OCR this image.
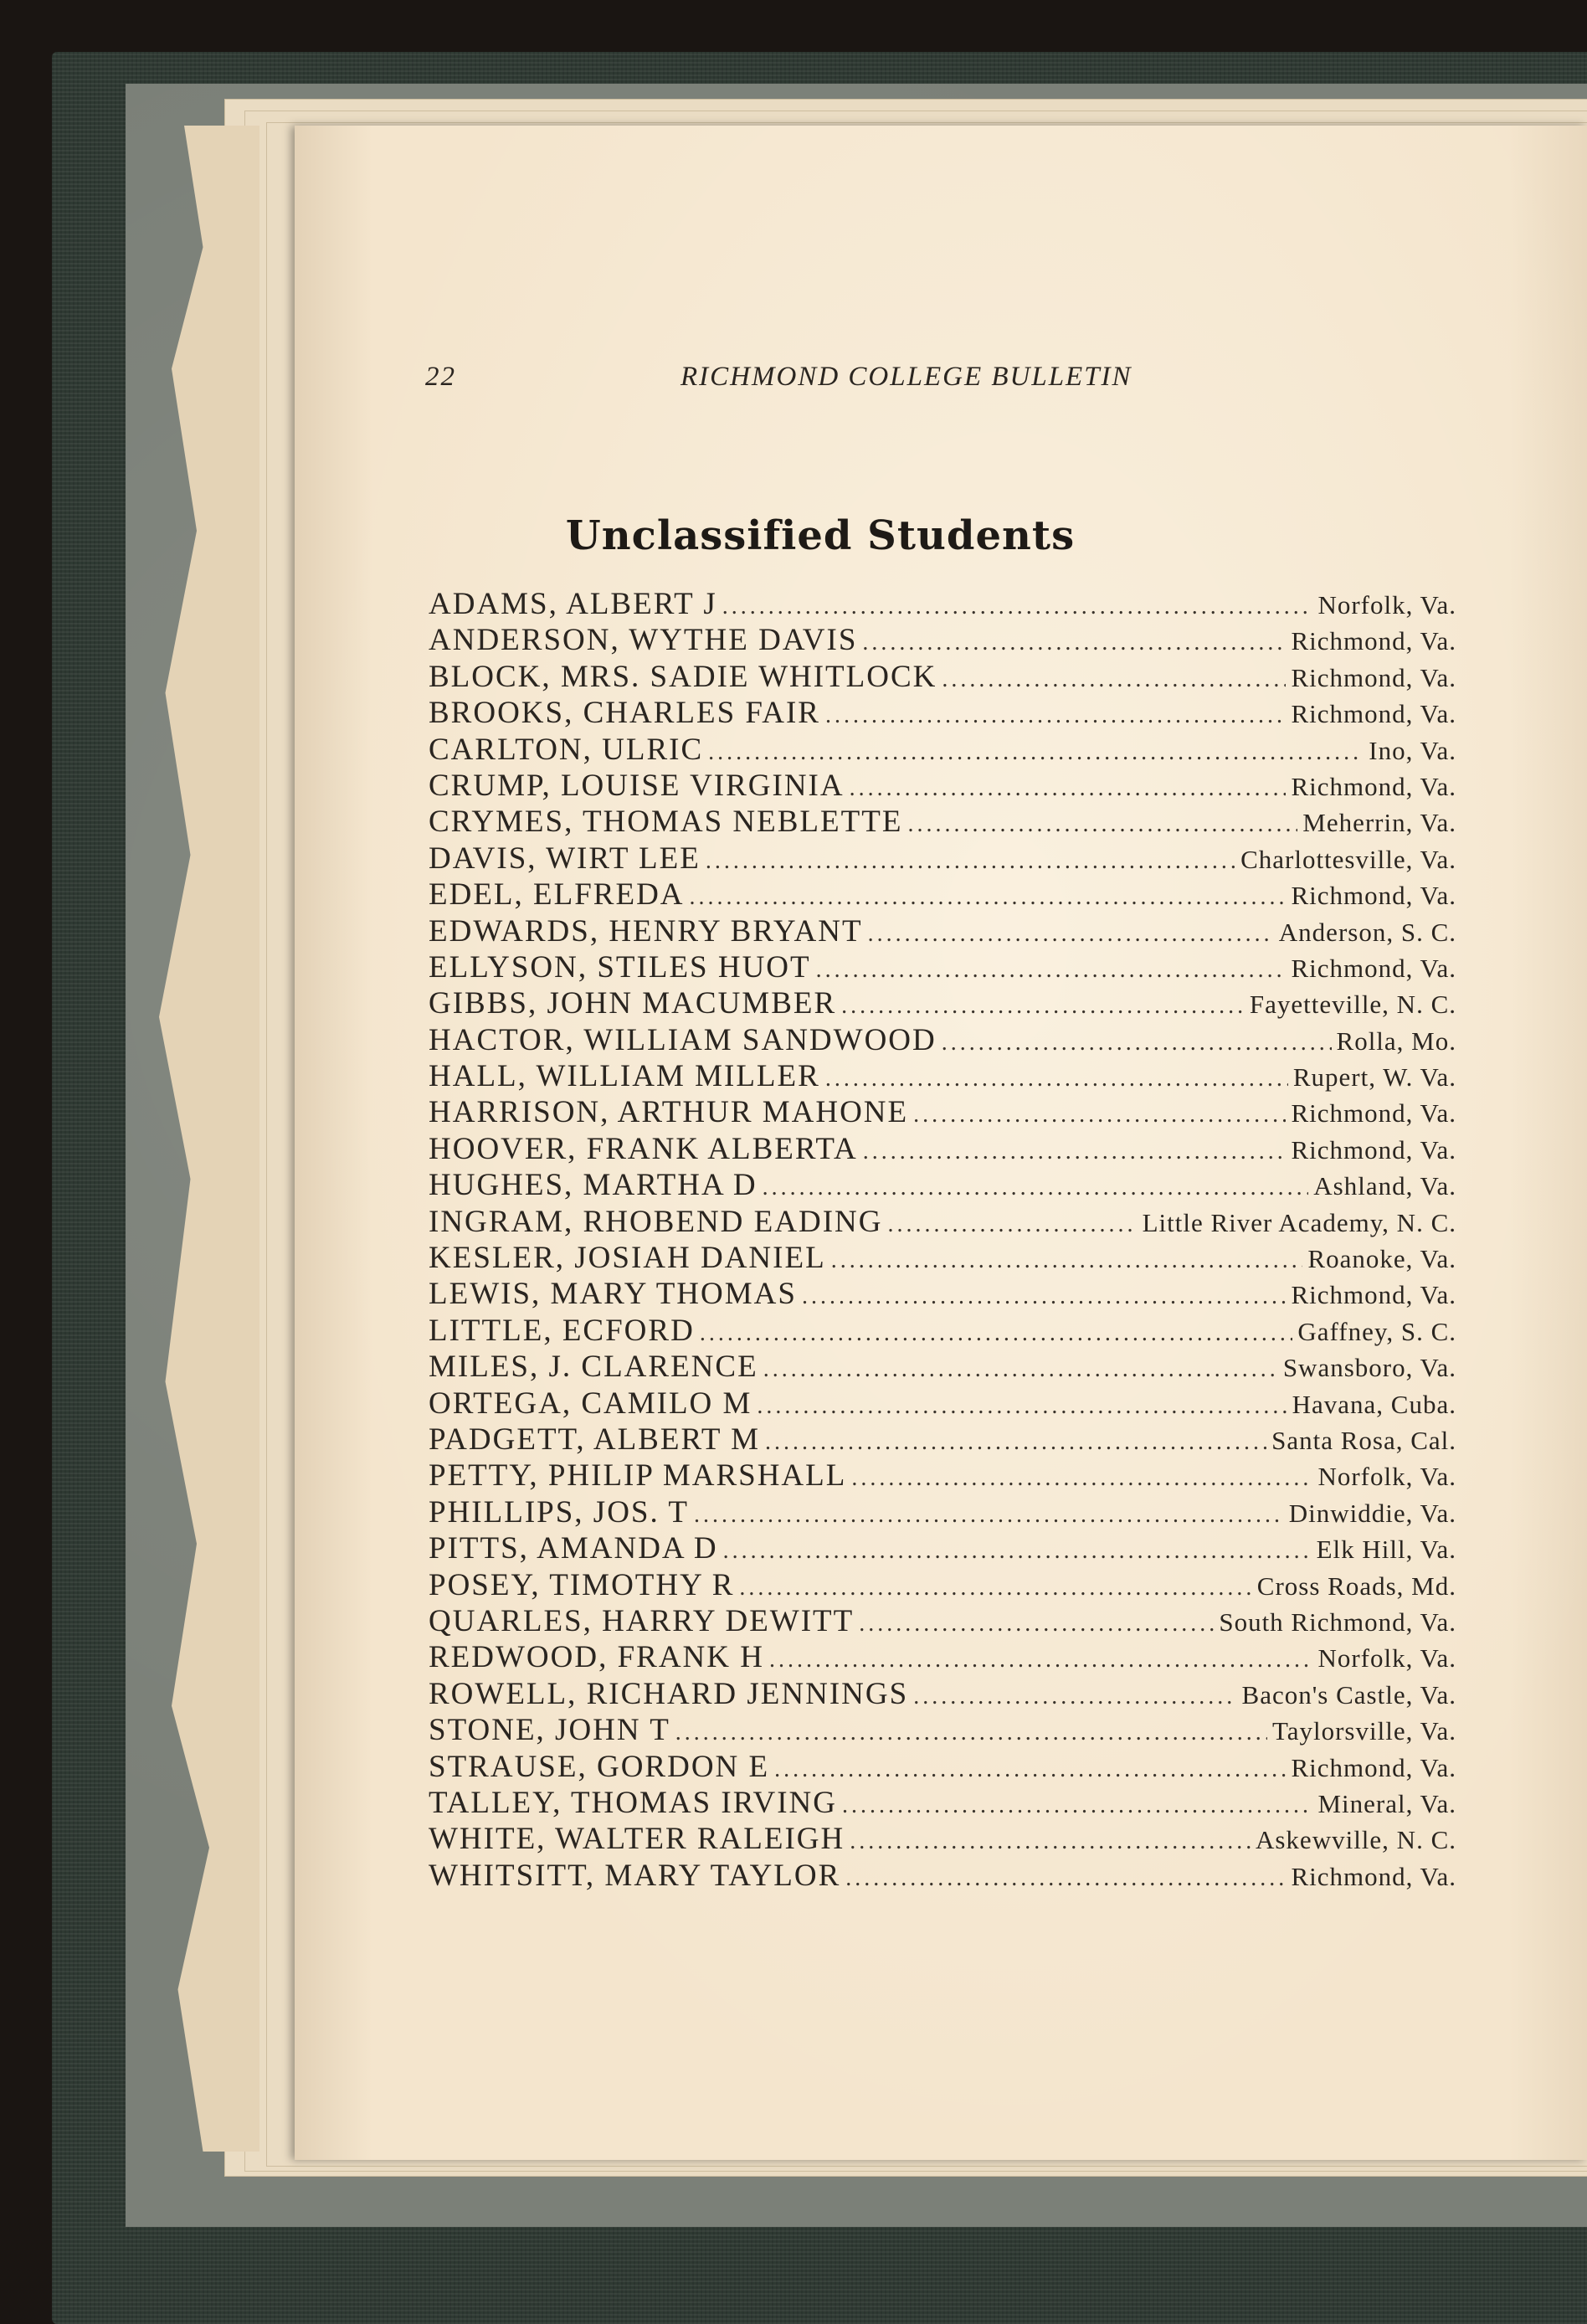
22	RICHMOND COLLEGE BULLETIN
Unclassified Students
ADAMS, ALBERT J .....	Norfolk, Va.
ANDERSON, WYTHE DAVIS .....	Richmond, Va.
BLOCK, MRS. SADIE WHITLOCK .....	Richmond, Va.
BROOKS, CHARLES FAIR .....	Richmond, Va.
CARLTON, ULRIC .....	Ino, Va.
CRUMP, LOUISE VIRGINIA .....	Richmond, Va.
CRYMES, THOMAS NEBLETTE .....	Meherrin, Va.
DAVIS, WIRT LEE .....	Charlottesville, Va.
EDEL, ELFREDA .....	Richmond, Va.
EDWARDS, HENRY BRYANT .....	Anderson, S. C.
ELLYSON, STILES HUOT .....	Richmond, Va.
GIBBS, JOHN MACUMBER .....	Fayetteville, N. C.
HACTOR, WILLIAM SANDWOOD .....	Rolla, Mo.
HALL, WILLIAM MILLER .....	Rupert, W. Va.
HARRISON, ARTHUR MAHONE .....	Richmond, Va.
HOOVER, FRANK ALBERTA .....	Richmond, Va.
HUGHES, MARTHA D .....	Ashland, Va.
INGRAM, RHOBEND EADING .....	Little River Academy, N. C.
KESLER, JOSIAH DANIEL .....	Roanoke, Va.
LEWIS, MARY THOMAS .....	Richmond, Va.
LITTLE, ECFORD .....	Gaffney, S. C.
MILES, J. CLARENCE .....	Swansboro, Va.
ORTEGA, CAMILO M .....	Havana, Cuba.
PADGETT, ALBERT M .....	Santa Rosa, Cal.
PETTY, PHILIP MARSHALL .....	Norfolk, Va.
PHILLIPS, JOS. T .....	Dinwiddie, Va.
PITTS, AMANDA D .....	Elk Hill, Va.
POSEY, TIMOTHY R .....	Cross Roads, Md.
QUARLES, HARRY DEWITT .....	South Richmond, Va.
REDWOOD, FRANK H .....	Norfolk, Va.
ROWELL, RICHARD JENNINGS .....	Bacon's Castle, Va.
STONE, JOHN T .....	Taylorsville, Va.
STRAUSE, GORDON E .....	Richmond, Va.
TALLEY, THOMAS IRVING .....	Mineral, Va.
WHITE, WALTER RALEIGH .....	Askewville, N. C.
WHITSITT, MARY TAYLOR .....	Richmond, Va.
